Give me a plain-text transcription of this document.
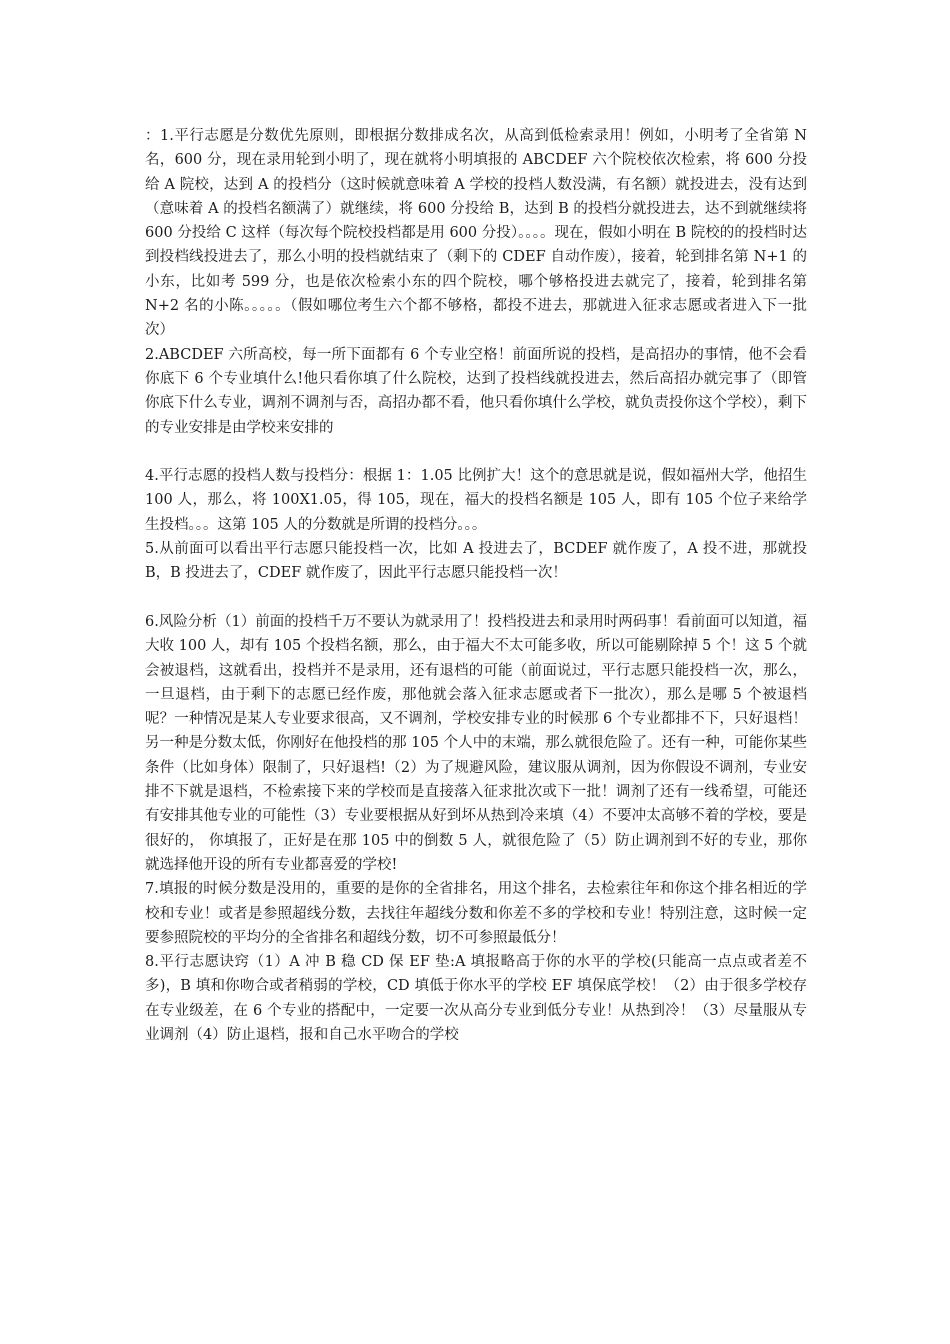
：1.平行志愿是分数优先原则，即根据分数排成名次，从高到低检索录用！例如，小明考了全省第 N 名，600 分，现在录用轮到小明了，现在就将小明填报的 ABCDEF 六个院校依次检索，将 600 分投给 A 院校，达到 A 的投档分（这时候就意味着 A 学校的投档人数没满，有名额）就投进去，没有达到（意味着 A 的投档名额满了）就继续，将 600 分投给 B，达到 B 的投档分就投进去，达不到就继续将 600 分投给 C 这样（每次每个院校投档都是用 600 分投）。。。。现在，假如小明在 B 院校的的投档时达到投档线投进去了，那么小明的投档就结束了（剩下的 CDEF 自动作废），接着，轮到排名第 N+1 的小东，比如考 599 分，也是依次检索小东的四个院校，哪个够格投进去就完了，接着，轮到排名第 N+2 名的小陈。。。。。（假如哪位考生六个都不够格，都投不进去，那就进入征求志愿或者进入下一批次）

2.ABCDEF 六所高校，每一所下面都有 6 个专业空格！前面所说的投档，是高招办的事情，他不会看你底下 6 个专业填什么!他只看你填了什么院校，达到了投档线就投进去，然后高招办就完事了（即管你底下什么专业，调剂不调剂与否，高招办都不看，他只看你填什么学校，就负责投你这个学校），剩下的专业安排是由学校来安排的

4.平行志愿的投档人数与投档分：根据 1：1.05 比例扩大！这个的意思就是说，假如福州大学，他招生 100 人，那么，将 100X1.05，得 105，现在，福大的投档名额是 105 人，即有 105 个位子来给学生投档。。。这第 105 人的分数就是所谓的投档分。。。

5.从前面可以看出平行志愿只能投档一次，比如 A 投进去了，BCDEF 就作废了，A 投不进，那就投 B，B 投进去了，CDEF 就作废了，因此平行志愿只能投档一次！

6.风险分析（1）前面的投档千万不要认为就录用了！投档投进去和录用时两码事！看前面可以知道，福大收 100 人，却有 105 个投档名额，那么，由于福大不太可能多收，所以可能剔除掉 5 个！这 5 个就会被退档，这就看出，投档并不是录用，还有退档的可能（前面说过，平行志愿只能投档一次，那么，一旦退档，由于剩下的志愿已经作废，那他就会落入征求志愿或者下一批次），那么是哪 5 个被退档呢？一种情况是某人专业要求很高，又不调剂，学校安排专业的时候那 6 个专业都排不下，只好退档！另一种是分数太低，你刚好在他投档的那 105 个人中的末端，那么就很危险了。还有一种，可能你某些条件（比如身体）限制了，只好退档!（2）为了规避风险，建议服从调剂，因为你假设不调剂，专业安排不下就是退档，不检索接下来的学校而是直接落入征求批次或下一批！调剂了还有一线希望，可能还有安排其他专业的可能性（3）专业要根据从好到坏从热到冷来填（4）不要冲太高够不着的学校，要是很好的， 你填报了，正好是在那 105 中的倒数 5 人，就很危险了（5）防止调剂到不好的专业，那你就选择他开设的所有专业都喜爱的学校!

7.填报的时候分数是没用的，重要的是你的全省排名，用这个排名，去检索往年和你这个排名相近的学校和专业！或者是参照超线分数，去找往年超线分数和你差不多的学校和专业！特别注意，这时候一定要参照院校的平均分的全省排名和超线分数，切不可参照最低分！

8.平行志愿诀窍（1）A 冲 B 稳 CD 保 EF 垫:A 填报略高于你的水平的学校(只能高一点点或者差不多)，B 填和你吻合或者稍弱的学校，CD 填低于你水平的学校 EF 填保底学校！（2）由于很多学校存在专业级差，在 6 个专业的搭配中，一定要一次从高分专业到低分专业！从热到冷！（3）尽量服从专业调剂（4）防止退档，报和自己水平吻合的学校
